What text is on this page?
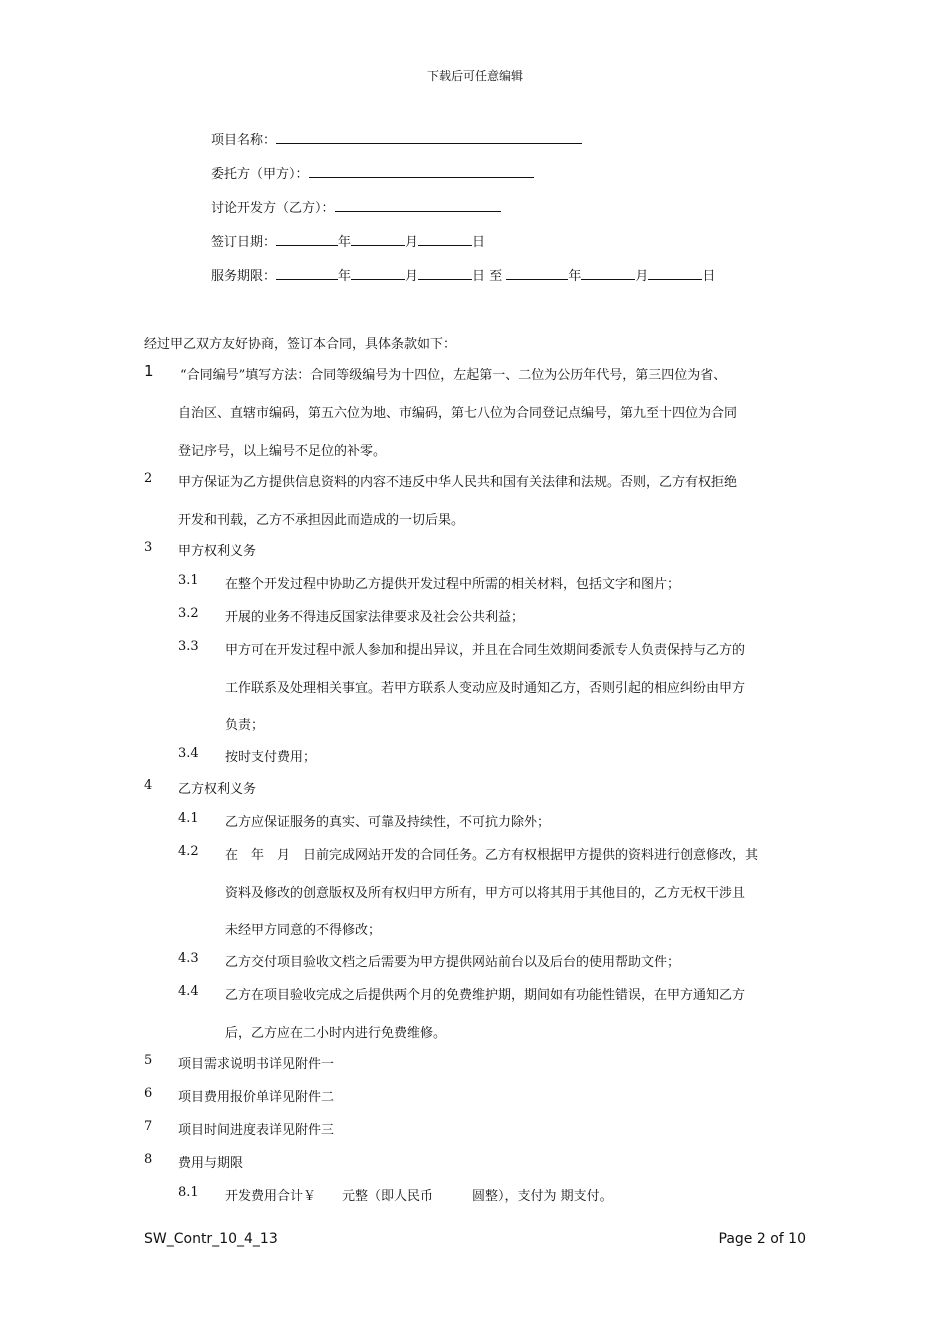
下载后可任意编辑
项目名称：
委托方（甲方）：
讨论开发方（乙方）：
签订日期：	年	月	日
服务期限：	年	月	日 至	年	月	日
经过甲乙双方友好协商，签订本合同，具体条款如下：
1 “合同编号”填写方法：合同等级编号为十四位，左起第一、二位为公历年代号，第三四位为省、
自治区、直辖市编码，第五六位为地、市编码，第七八位为合同登记点编号，第九至十四位为合同
登记序号，以上编号不足位的补零。
2 甲方保证为乙方提供信息资料的内容不违反中华人民共和国有关法律和法规。否则，乙方有权拒绝
开发和刊载，乙方不承担因此而造成的一切后果。
3 甲方权利义务
3.1 在整个开发过程中协助乙方提供开发过程中所需的相关材料，包括文字和图片；
3.2 开展的业务不得违反国家法律要求及社会公共利益；
3.3 甲方可在开发过程中派人参加和提出异议，并且在合同生效期间委派专人负责保持与乙方的
工作联系及处理相关事宜。若甲方联系人变动应及时通知乙方，否则引起的相应纠纷由甲方
负责；
3.4 按时支付费用；
4 乙方权利义务
4.1 乙方应保证服务的真实、可靠及持续性，不可抗力除外；
4.2 在　年　月　日前完成网站开发的合同任务。乙方有权根据甲方提供的资料进行创意修改，其
资料及修改的创意版权及所有权归甲方所有，甲方可以将其用于其他目的，乙方无权干涉且
未经甲方同意的不得修改；
4.3 乙方交付项目验收文档之后需要为甲方提供网站前台以及后台的使用帮助文件；
4.4 乙方在项目验收完成之后提供两个月的免费维护期，期间如有功能性错误，在甲方通知乙方
后，乙方应在二小时内进行免费维修。
5 项目需求说明书详见附件一
6 项目费用报价单详见附件二
7 项目时间进度表详见附件三
8 费用与期限
8.1 开发费用合计￥　　元整（即人民币　　　圆整），支付为 期支付。
SW_Contr_10_4_13	Page 2 of 10
